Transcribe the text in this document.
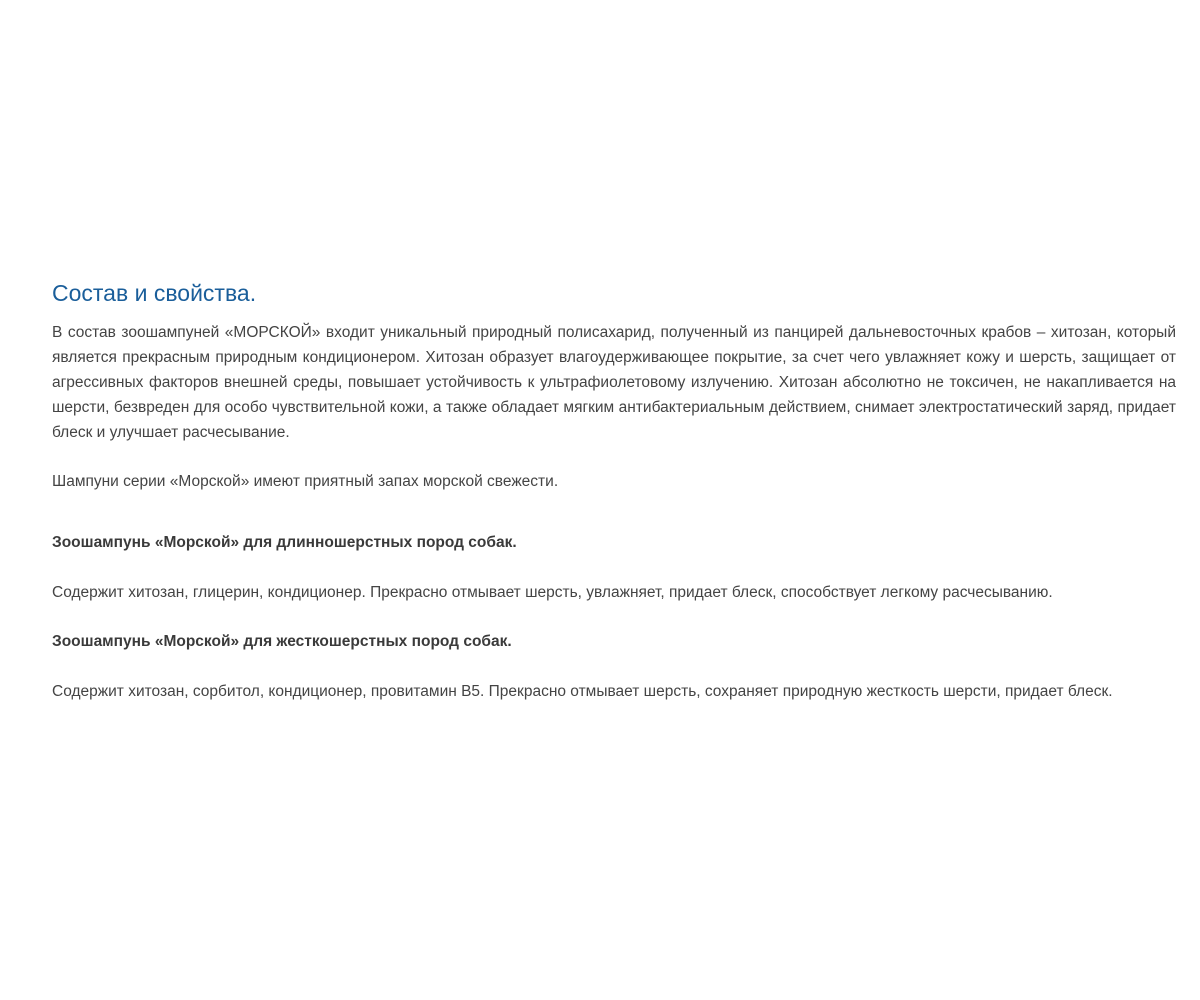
Состав и свойства.

В состав зоошампуней «МОРСКОЙ» входит уникальный природный полисахарид, полученный из панцирей дальневосточных крабов – хитозан, который является прекрасным природным кондиционером. Хитозан образует влагоудерживающее покрытие, за счет чего увлажняет кожу и шерсть, защищает от агрессивных факторов внешней среды, повышает устойчивость к ультрафиолетовому излучению. Хитозан абсолютно не токсичен, не накапливается на шерсти, безвреден для особо чувствительной кожи, а также обладает мягким антибактериальным действием, снимает электростатический заряд, придает блеск и улучшает расчесывание.

Шампуни серии «Морской» имеют приятный запах морской свежести.

Зоошампунь «Морской» для длинношерстных пород собак.

Содержит хитозан, глицерин, кондиционер. Прекрасно отмывает шерсть, увлажняет, придает блеск, способствует легкому расчесыванию.

Зоошампунь «Морской» для жесткошерстных пород собак.

Содержит хитозан, сорбитол, кондиционер, провитамин B5. Прекрасно отмывает шерсть, сохраняет природную жесткость шерсти, придает блеск.
